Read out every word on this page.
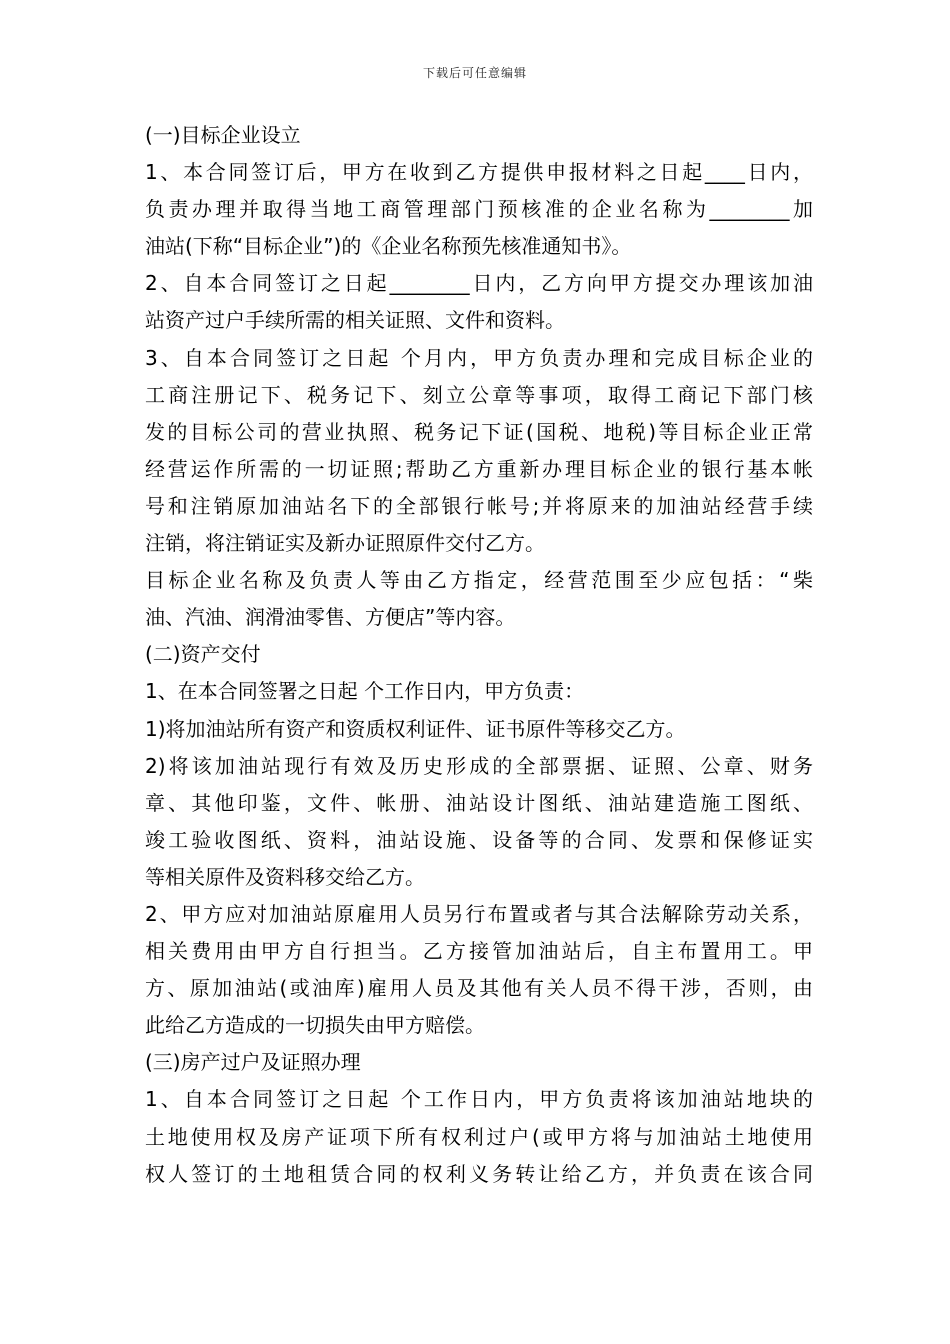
下载后可任意编辑
(一)目标企业设立
1、本合同签订后，甲方在收到乙方提供申报材料之日起____日内，
负责办理并取得当地工商管理部门预核准的企业名称为________加
油站(下称“目标企业”)的《企业名称预先核准通知书》。
2、自本合同签订之日起________日内，乙方向甲方提交办理该加油
站资产过户手续所需的相关证照、文件和资料。
3、自本合同签订之日起 个月内，甲方负责办理和完成目标企业的
工商注册记下、税务记下、刻立公章等事项，取得工商记下部门核
发的目标公司的营业执照、税务记下证(国税、地税)等目标企业正常
经营运作所需的一切证照;帮助乙方重新办理目标企业的银行基本帐
号和注销原加油站名下的全部银行帐号;并将原来的加油站经营手续
注销，将注销证实及新办证照原件交付乙方。
目标企业名称及负责人等由乙方指定，经营范围至少应包括：“柴
油、汽油、润滑油零售、方便店”等内容。
(二)资产交付
1、在本合同签署之日起 个工作日内，甲方负责：
1)将加油站所有资产和资质权利证件、证书原件等移交乙方。
2)将该加油站现行有效及历史形成的全部票据、证照、公章、财务
章、其他印鉴，文件、帐册、油站设计图纸、油站建造施工图纸、
竣工验收图纸、资料，油站设施、设备等的合同、发票和保修证实
等相关原件及资料移交给乙方。
2、甲方应对加油站原雇用人员另行布置或者与其合法解除劳动关系，
相关费用由甲方自行担当。乙方接管加油站后，自主布置用工。甲
方、原加油站(或油库)雇用人员及其他有关人员不得干涉，否则，由
此给乙方造成的一切损失由甲方赔偿。
(三)房产过户及证照办理
1、自本合同签订之日起 个工作日内，甲方负责将该加油站地块的
土地使用权及房产证项下所有权利过户(或甲方将与加油站土地使用
权人签订的土地租赁合同的权利义务转让给乙方，并负责在该合同
